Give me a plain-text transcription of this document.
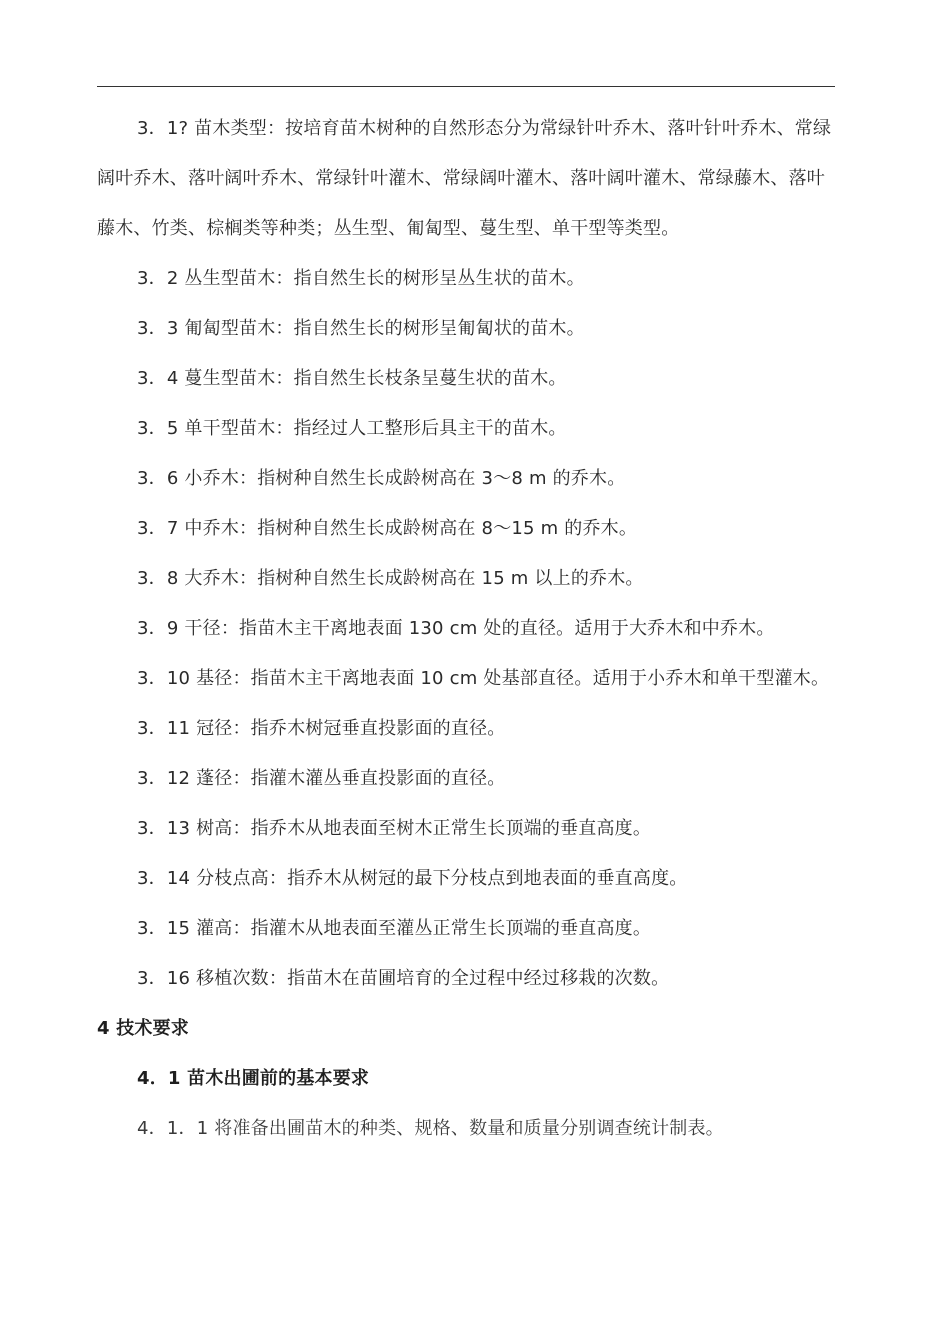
3．1? 苗木类型：按培育苗木树种的自然形态分为常绿针叶乔木、落叶针叶乔木、常绿阔叶乔木、落叶阔叶乔木、常绿针叶灌木、常绿阔叶灌木、落叶阔叶灌木、常绿藤木、落叶藤木、竹类、棕榈类等种类；丛生型、匍匐型、蔓生型、单干型等类型。

3．2 丛生型苗木：指自然生长的树形呈丛生状的苗木。

3．3 匍匐型苗木：指自然生长的树形呈匍匐状的苗木。

3．4 蔓生型苗木：指自然生长枝条呈蔓生状的苗木。

3．5 单干型苗木：指经过人工整形后具主干的苗木。

3．6 小乔木：指树种自然生长成龄树高在 3～8 m 的乔木。

3．7 中乔木：指树种自然生长成龄树高在 8～15 m 的乔木。

3．8 大乔木：指树种自然生长成龄树高在 15 m 以上的乔木。

3．9 干径：指苗木主干离地表面 130 cm 处的直径。适用于大乔木和中乔木。

3．10 基径：指苗木主干离地表面 10 cm 处基部直径。适用于小乔木和单干型灌木。

3．11 冠径：指乔木树冠垂直投影面的直径。

3．12 蓬径：指灌木灌丛垂直投影面的直径。

3．13 树高：指乔木从地表面至树木正常生长顶端的垂直高度。

3．14 分枝点高：指乔木从树冠的最下分枝点到地表面的垂直高度。

3．15 灌高：指灌木从地表面至灌丛正常生长顶端的垂直高度。

3．16 移植次数：指苗木在苗圃培育的全过程中经过移栽的次数。

4 技术要求

4．1 苗木出圃前的基本要求

4．1．1 将准备出圃苗木的种类、规格、数量和质量分别调查统计制表。
